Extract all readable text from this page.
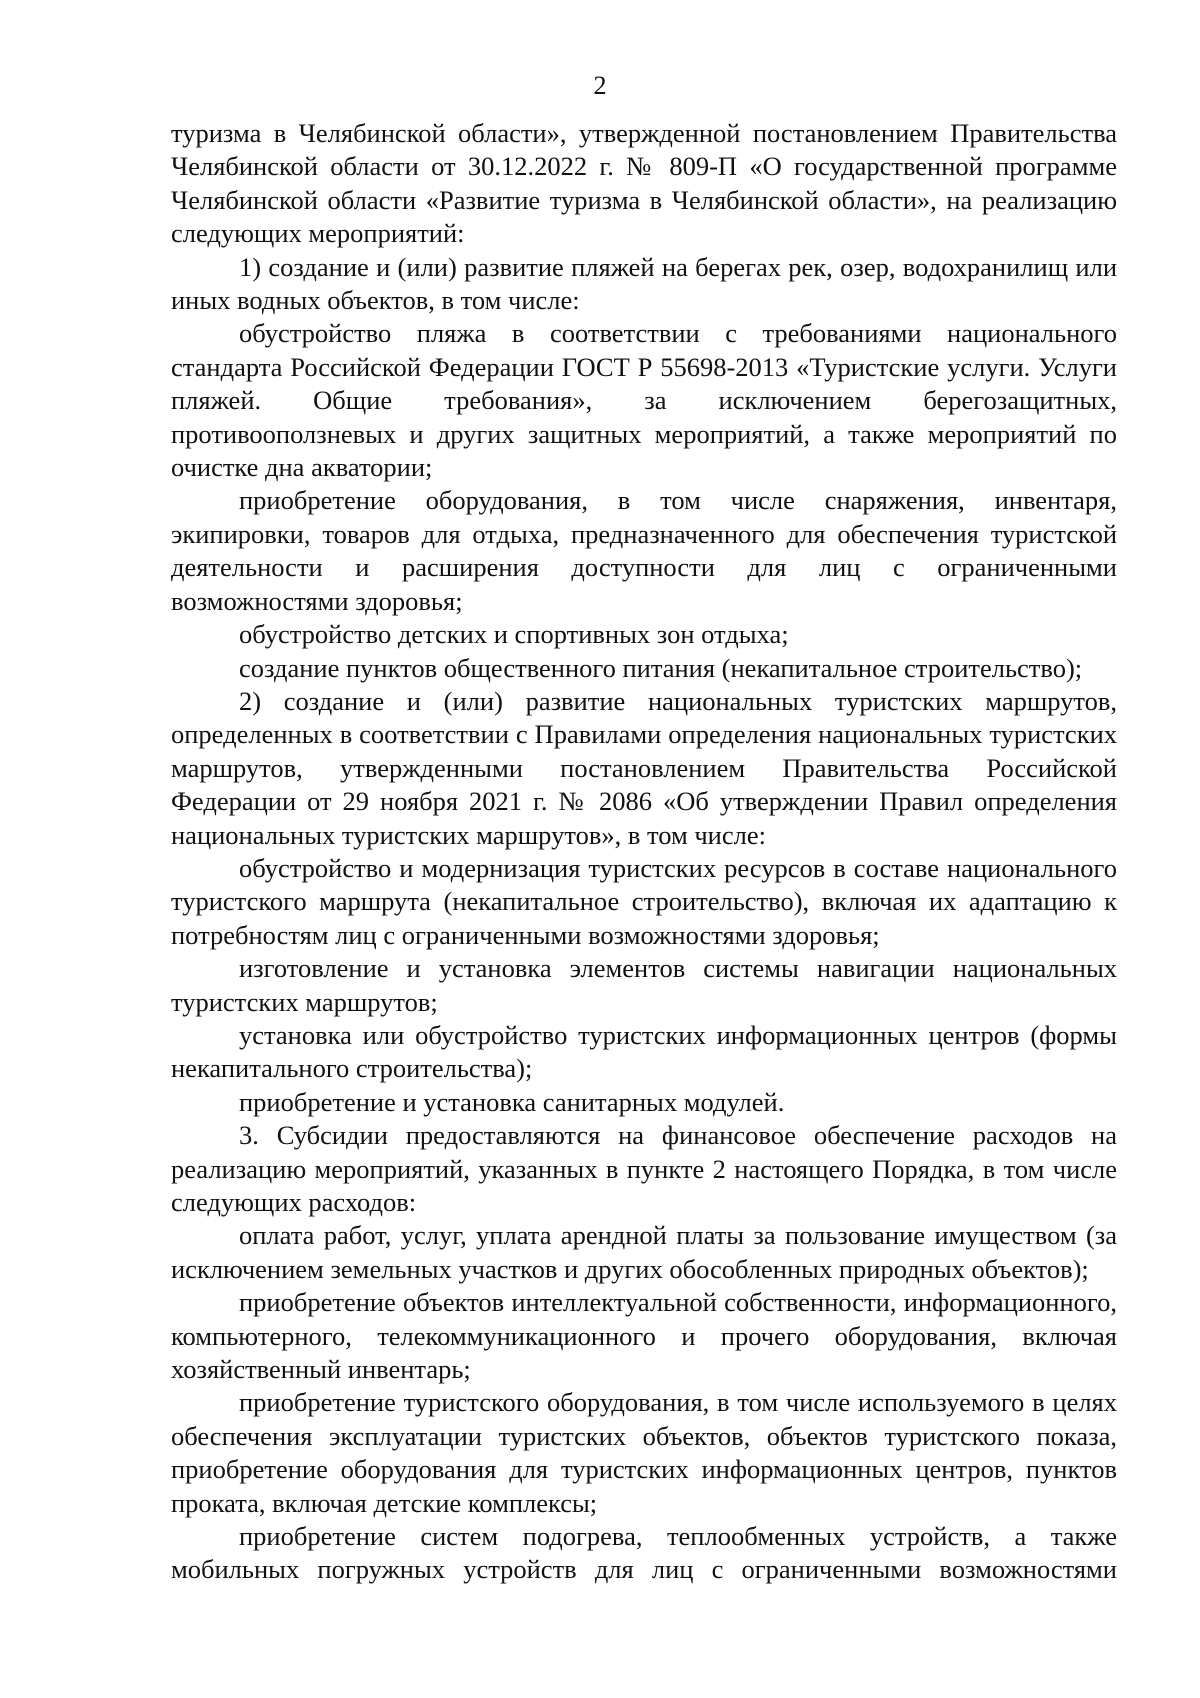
2

туризма в Челябинской области», утвержденной постановлением Правительства Челябинской области от 30.12.2022 г. № 809-П «О государственной программе Челябинской области «Развитие туризма в Челябинской области», на реализацию следующих мероприятий:

1) создание и (или) развитие пляжей на берегах рек, озер, водохранилищ или иных водных объектов, в том числе:

обустройство пляжа в соответствии с требованиями национального стандарта Российской Федерации ГОСТ Р 55698-2013 «Туристские услуги. Услуги пляжей. Общие требования», за исключением берегозащитных, противооползневых и других защитных мероприятий, а также мероприятий по очистке дна акватории;

приобретение оборудования, в том числе снаряжения, инвентаря, экипировки, товаров для отдыха, предназначенного для обеспечения туристской деятельности и расширения доступности для лиц с ограниченными возможностями здоровья;

обустройство детских и спортивных зон отдыха;

создание пунктов общественного питания (некапитальное строительство);

2) создание и (или) развитие национальных туристских маршрутов, определенных в соответствии с Правилами определения национальных туристских маршрутов, утвержденными постановлением Правительства Российской Федерации от 29 ноября 2021 г. № 2086 «Об утверждении Правил определения национальных туристских маршрутов», в том числе:

обустройство и модернизация туристских ресурсов в составе национального туристского маршрута (некапитальное строительство), включая их адаптацию к потребностям лиц с ограниченными возможностями здоровья;

изготовление и установка элементов системы навигации национальных туристских маршрутов;

установка или обустройство туристских информационных центров (формы некапитального строительства);

приобретение и установка санитарных модулей.

3. Субсидии предоставляются на финансовое обеспечение расходов на реализацию мероприятий, указанных в пункте 2 настоящего Порядка, в том числе следующих расходов:

оплата работ, услуг, уплата арендной платы за пользование имуществом (за исключением земельных участков и других обособленных природных объектов);

приобретение объектов интеллектуальной собственности, информационного, компьютерного, телекоммуникационного и прочего оборудования, включая хозяйственный инвентарь;

приобретение туристского оборудования, в том числе используемого в целях обеспечения эксплуатации туристских объектов, объектов туристского показа, приобретение оборудования для туристских информационных центров, пунктов проката, включая детские комплексы;

приобретение систем подогрева, теплообменных устройств, а также мобильных погружных устройств для лиц с ограниченными возможностями
